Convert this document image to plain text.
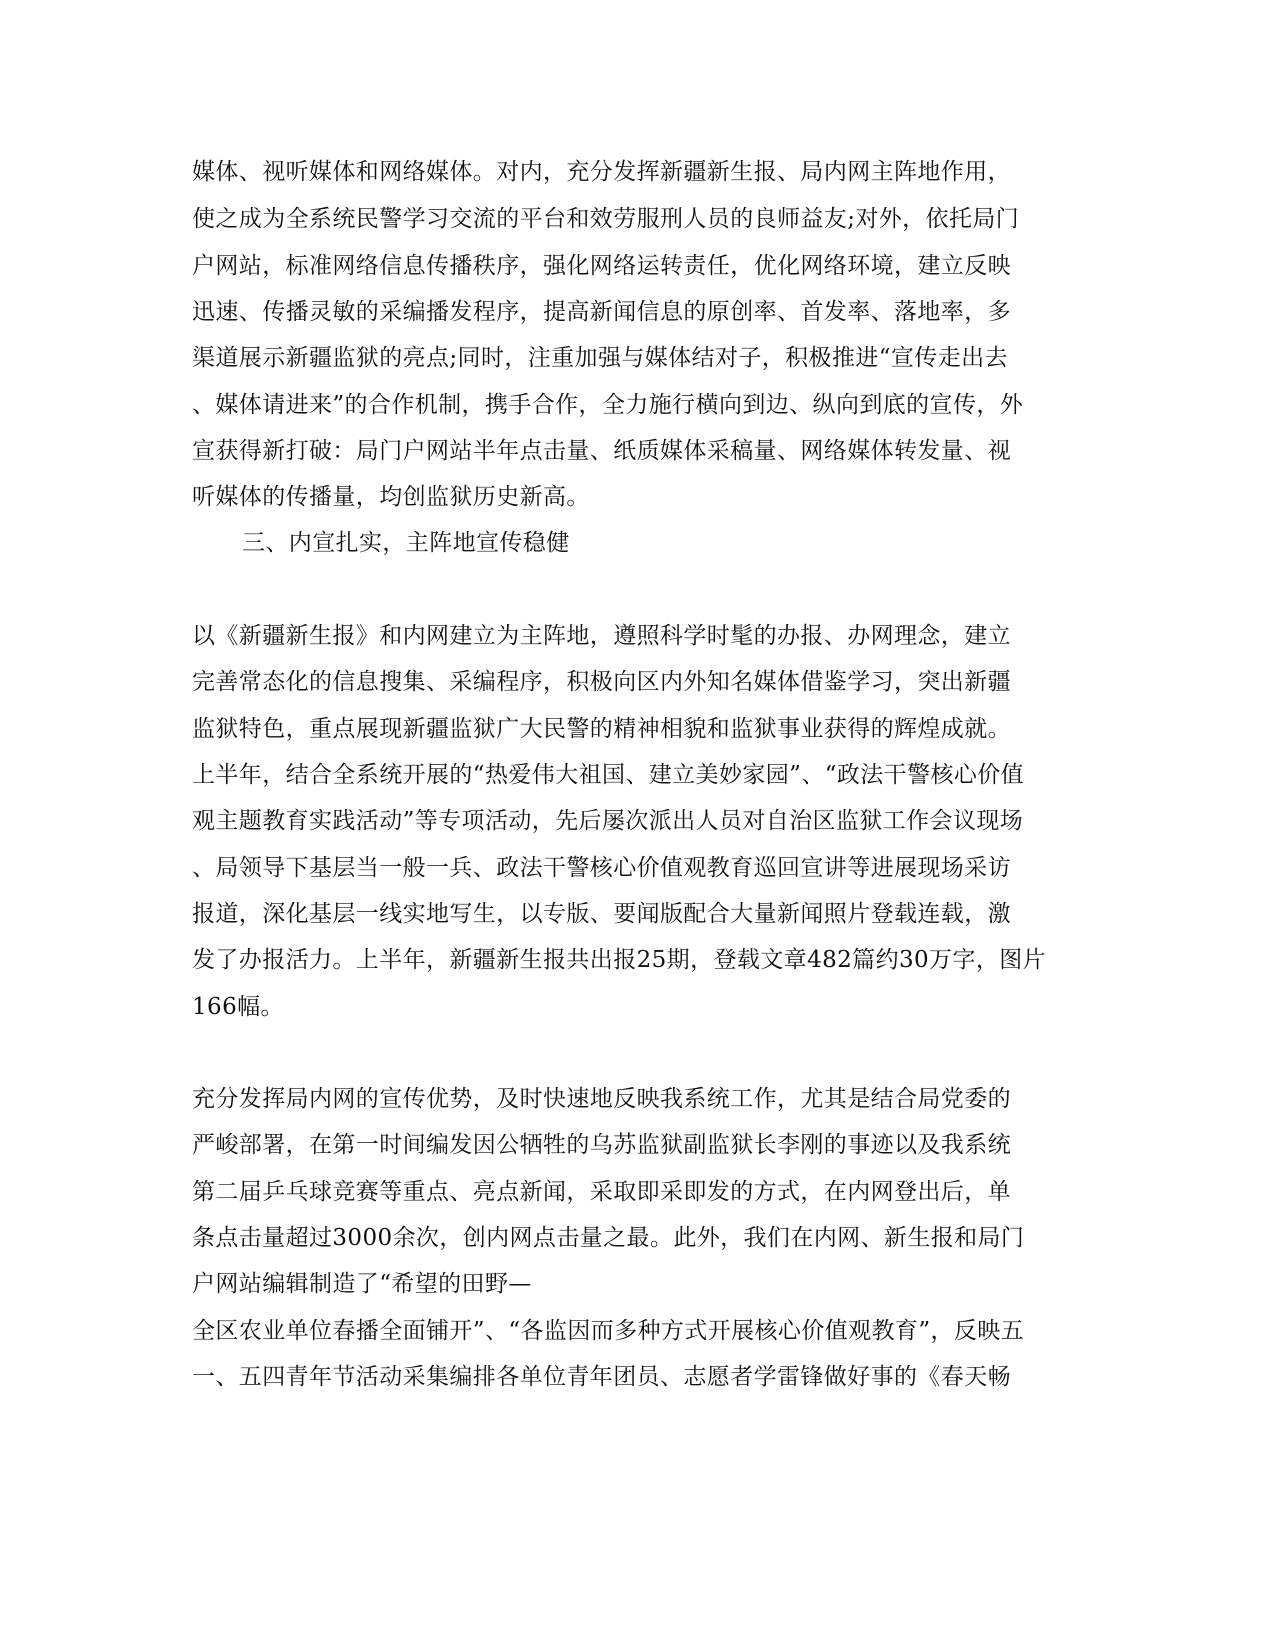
媒体、视听媒体和网络媒体。对内，充分发挥新疆新生报、局内网主阵地作用，
使之成为全系统民警学习交流的平台和效劳服刑人员的良师益友;对外，依托局门
户网站，标准网络信息传播秩序，强化网络运转责任，优化网络环境，建立反映
迅速、传播灵敏的采编播发程序，提高新闻信息的原创率、首发率、落地率，多
渠道展示新疆监狱的亮点;同时，注重加强与媒体结对子，积极推进“宣传走出去
、媒体请进来”的合作机制，携手合作，全力施行横向到边、纵向到底的宣传，外
宣获得新打破：局门户网站半年点击量、纸质媒体采稿量、网络媒体转发量、视
听媒体的传播量，均创监狱历史新高。
三、内宣扎实，主阵地宣传稳健
以《新疆新生报》和内网建立为主阵地，遵照科学时髦的办报、办网理念，建立
完善常态化的信息搜集、采编程序，积极向区内外知名媒体借鉴学习，突出新疆
监狱特色，重点展现新疆监狱广大民警的精神相貌和监狱事业获得的辉煌成就。
上半年，结合全系统开展的“热爱伟大祖国、建立美妙家园”、“政法干警核心价值
观主题教育实践活动”等专项活动，先后屡次派出人员对自治区监狱工作会议现场
、局领导下基层当一般一兵、政法干警核心价值观教育巡回宣讲等进展现场采访
报道，深化基层一线实地写生，以专版、要闻版配合大量新闻照片登载连载，激
发了办报活力。上半年，新疆新生报共出报25期，登载文章482篇约30万字，图片
166幅。
充分发挥局内网的宣传优势，及时快速地反映我系统工作，尤其是结合局党委的
严峻部署，在第一时间编发因公牺牲的乌苏监狱副监狱长李刚的事迹以及我系统
第二届乒乓球竞赛等重点、亮点新闻，采取即采即发的方式，在内网登出后，单
条点击量超过3000余次，创内网点击量之最。此外，我们在内网、新生报和局门
户网站编辑制造了“希望的田野—
全区农业单位春播全面铺开”、“各监因而多种方式开展核心价值观教育”，反映五
一、五四青年节活动采集编排各单位青年团员、志愿者学雷锋做好事的《春天畅
